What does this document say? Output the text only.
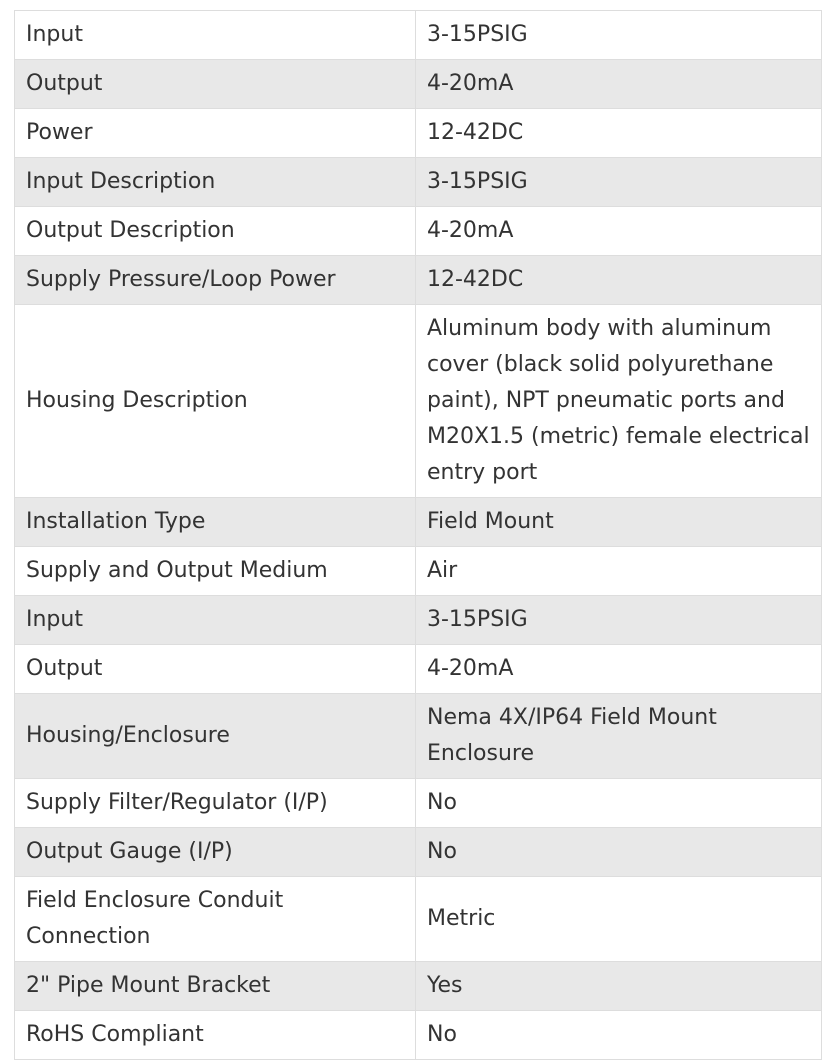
Input	3-15PSIG
Output	4-20mA
Power	12-42DC
Input Description	3-15PSIG
Output Description	4-20mA
Supply Pressure/Loop Power	12-42DC
Housing Description	Aluminum body with aluminum cover (black solid polyurethane paint), NPT pneumatic ports and M20X1.5 (metric) female electrical entry port
Installation Type	Field Mount
Supply and Output Medium	Air
Input	3-15PSIG
Output	4-20mA
Housing/Enclosure	Nema 4X/IP64 Field Mount Enclosure
Supply Filter/Regulator (I/P)	No
Output Gauge (I/P)	No
Field Enclosure Conduit Connection	Metric
2" Pipe Mount Bracket	Yes
RoHS Compliant	No
